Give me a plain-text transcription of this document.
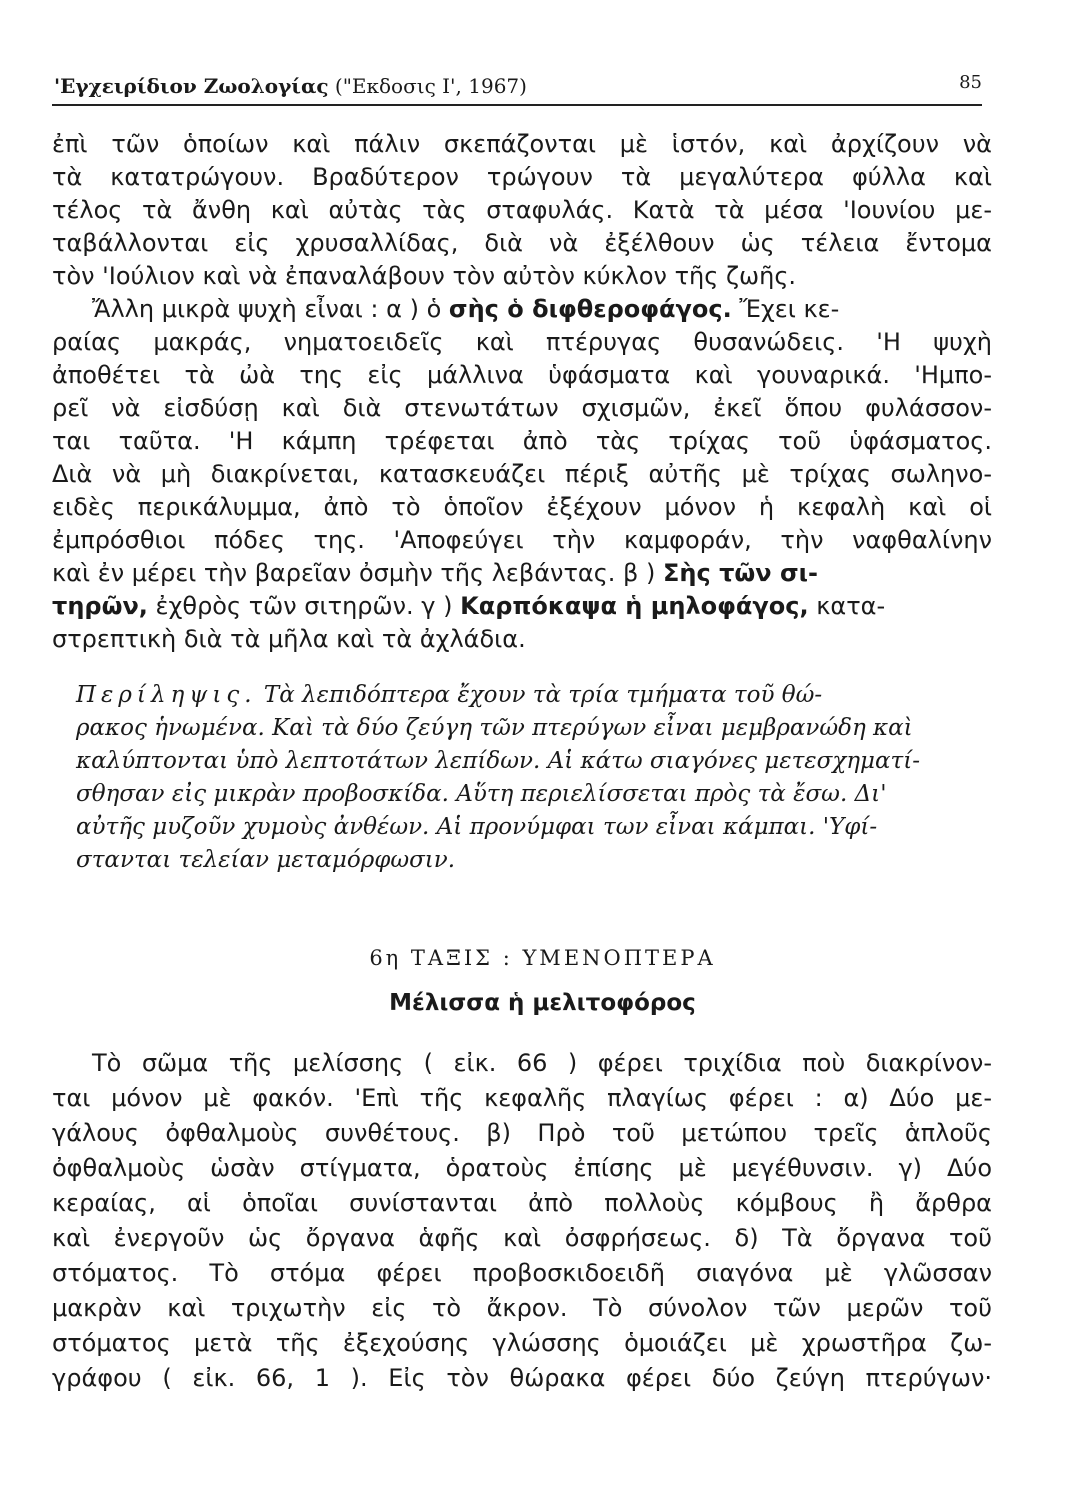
'Εγχειρίδιον Ζωολογίας ("Εκδοσις Ι', 1967)	85
ἐπὶ τῶν ὁποίων καὶ πάλιν σκεπάζονται μὲ ἱστόν, καὶ ἀρχίζουν νὰ
τὰ κατατρώγουν. Βραδύτερον τρώγουν τὰ μεγαλύτερα φύλλα καὶ
τέλος τὰ ἄνθη καὶ αὐτὰς τὰς σταφυλάς. Κατὰ τὰ μέσα 'Ιουνίου με-
ταβάλλονται εἰς χρυσαλλίδας, διὰ νὰ ἐξέλθουν ὡς τέλεια ἔντομα
τὸν 'Ιούλιον καὶ νὰ ἐπαναλάβουν τὸν αὐτὸν κύκλον τῆς ζωῆς.
Ἄλλη μικρὰ ψυχὴ εἶναι : α ) ὁ σὴς ὁ διφθεροφάγος. Ἔχει κε-
ραίας μακράς, νηματοειδεῖς καὶ πτέρυγας θυσανώδεις. 'Η ψυχὴ
ἀποθέτει τὰ ὠὰ της εἰς μάλλινα ὑφάσματα καὶ γουναρικά. 'Ημπο-
ρεῖ νὰ εἰσδύσῃ καὶ διὰ στενωτάτων σχισμῶν, ἐκεῖ ὅπου φυλάσσον-
ται ταῦτα. 'Η κάμπη τρέφεται ἀπὸ τὰς τρίχας τοῦ ὑφάσματος.
Διὰ νὰ μὴ διακρίνεται, κατασκευάζει πέριξ αὐτῆς μὲ τρίχας σωληνο-
ειδὲς περικάλυμμα, ἀπὸ τὸ ὁποῖον ἐξέχουν μόνον ἡ κεφαλὴ καὶ οἱ
ἐμπρόσθιοι πόδες της. 'Αποφεύγει τὴν καμφοράν, τὴν ναφθαλίνην
καὶ ἐν μέρει τὴν βαρεῖαν ὀσμὴν τῆς λεβάντας. β ) Σὴς τῶν σι-
τηρῶν, ἐχθρὸς τῶν σιτηρῶν. γ ) Καρπόκαψα ἡ μηλοφάγος, κατα-
στρεπτικὴ διὰ τὰ μῆλα καὶ τὰ ἀχλάδια.
Περίληψις. Τὰ λεπιδόπτερα ἔχουν τὰ τρία τμήματα τοῦ θώ-
ρακος ἡνωμένα. Καὶ τὰ δύο ζεύγη τῶν πτερύγων εἶναι μεμβρανώδη καὶ
καλύπτονται ὑπὸ λεπτοτάτων λεπίδων. Αἱ κάτω σιαγόνες μετεσχηματί-
σθησαν εἰς μικρὰν προβοσκίδα. Αὕτη περιελίσσεται πρὸς τὰ ἔσω. Δι'
αὐτῆς μυζοῦν χυμοὺς ἀνθέων. Αἱ προνύμφαι των εἶναι κάμπαι. 'Υφί-
στανται τελείαν μεταμόρφωσιν.
6η ΤΑΞΙΣ : ΥΜΕΝΟΠΤΕΡΑ
Μέλισσα ἡ μελιτοφόρος
Τὸ σῶμα τῆς μελίσσης ( εἰκ. 66 ) φέρει τριχίδια ποὺ διακρίνον-
ται μόνον μὲ φακόν. 'Επὶ τῆς κεφαλῆς πλαγίως φέρει : α) Δύο με-
γάλους ὀφθαλμοὺς συνθέτους. β) Πρὸ τοῦ μετώπου τρεῖς ἁπλοῦς
ὀφθαλμοὺς ὡσὰν στίγματα, ὁρατοὺς ἐπίσης μὲ μεγέθυνσιν. γ) Δύο
κεραίας, αἱ ὁποῖαι συνίστανται ἀπὸ πολλοὺς κόμβους ἢ ἄρθρα
καὶ ἐνεργοῦν ὡς ὄργανα ἁφῆς καὶ ὀσφρήσεως. δ) Τὰ ὄργανα τοῦ
στόματος. Τὸ στόμα φέρει προβοσκιδοειδῆ σιαγόνα μὲ γλῶσσαν
μακρὰν καὶ τριχωτὴν εἰς τὸ ἄκρον. Τὸ σύνολον τῶν μερῶν τοῦ
στόματος μετὰ τῆς ἐξεχούσης γλώσσης ὁμοιάζει μὲ χρωστῆρα ζω-
γράφου ( εἰκ. 66, 1 ). Εἰς τὸν θώρακα φέρει δύο ζεύγη πτερύγων·
